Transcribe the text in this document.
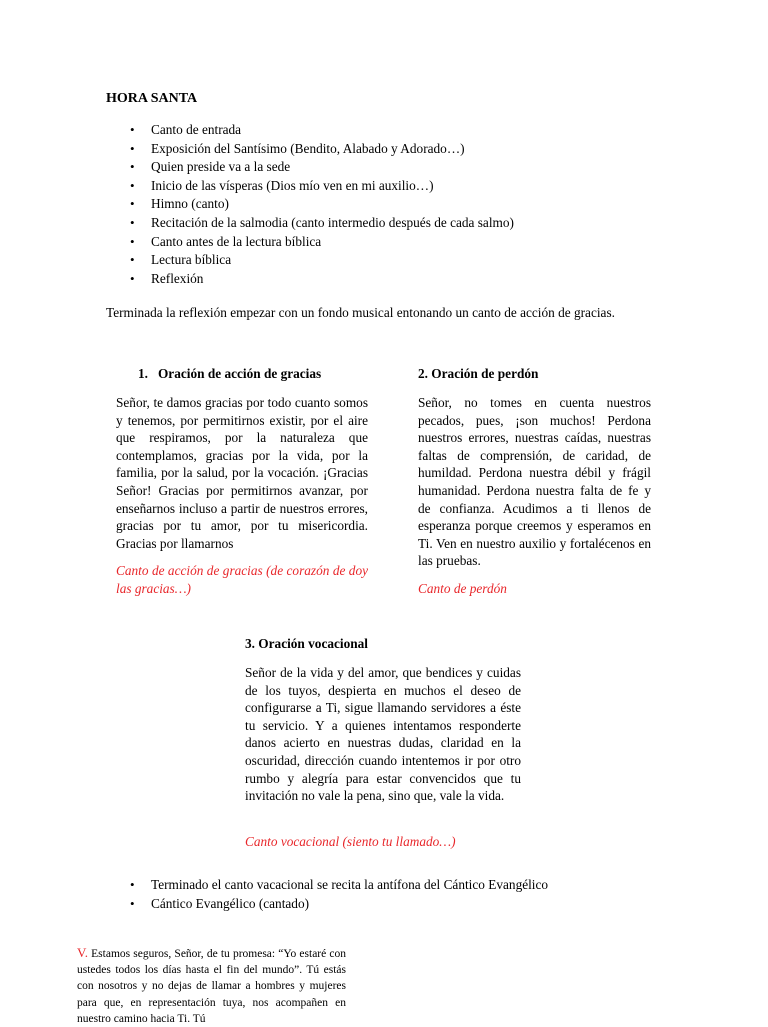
HORA SANTA
• Canto de entrada
• Exposición del Santísimo (Bendito, Alabado y Adorado…)
• Quien preside va a la sede
• Inicio de las vísperas (Dios mío ven en mi auxilio…)
• Himno (canto)
• Recitación de la salmodia (canto intermedio después de cada salmo)
• Canto antes de la lectura bíblica
• Lectura bíblica
• Reflexión
Terminada la reflexión empezar con un fondo musical entonando un canto de acción de gracias.
1. Oración de acción de gracias
Señor, te damos gracias por todo cuanto somos y tenemos, por permitirnos existir, por el aire que respiramos, por la naturaleza que contemplamos, gracias por la vida, por la familia, por la salud, por la vocación. ¡Gracias Señor! Gracias por permitirnos avanzar, por enseñarnos incluso a partir de nuestros errores, gracias por tu amor, por tu misericordia. Gracias por llamarnos
Canto de acción de gracias (de corazón de doy las gracias…)
2. Oración de perdón
Señor, no tomes en cuenta nuestros pecados, pues, ¡son muchos! Perdona nuestros errores, nuestras caídas, nuestras faltas de comprensión, de caridad, de humildad. Perdona nuestra débil y frágil humanidad. Perdona nuestra falta de fe y de confianza. Acudimos a ti llenos de esperanza porque creemos y esperamos en Ti. Ven en nuestro auxilio y fortalécenos en las pruebas.
Canto de perdón
3. Oración vocacional
Señor de la vida y del amor, que bendices y cuidas de los tuyos, despierta en muchos el deseo de configurarse a Ti, sigue llamando servidores a éste tu servicio. Y a quienes intentamos responderte danos acierto en nuestras dudas, claridad en la oscuridad, dirección cuando intentemos ir por otro rumbo y alegría para estar convencidos que tu invitación no vale la pena, sino que, vale la vida.
Canto vocacional (siento tu llamado…)
• Terminado el canto vacacional se recita la antífona del Cántico Evangélico
• Cántico Evangélico (cantado)
V. Estamos seguros, Señor, de tu promesa: “Yo estaré con ustedes todos los días hasta el fin del mundo”. Tú estás con nosotros y no dejas de llamar a hombres y mujeres para que, en representación tuya, nos acompañen en nuestro camino hacia Ti. Tú
